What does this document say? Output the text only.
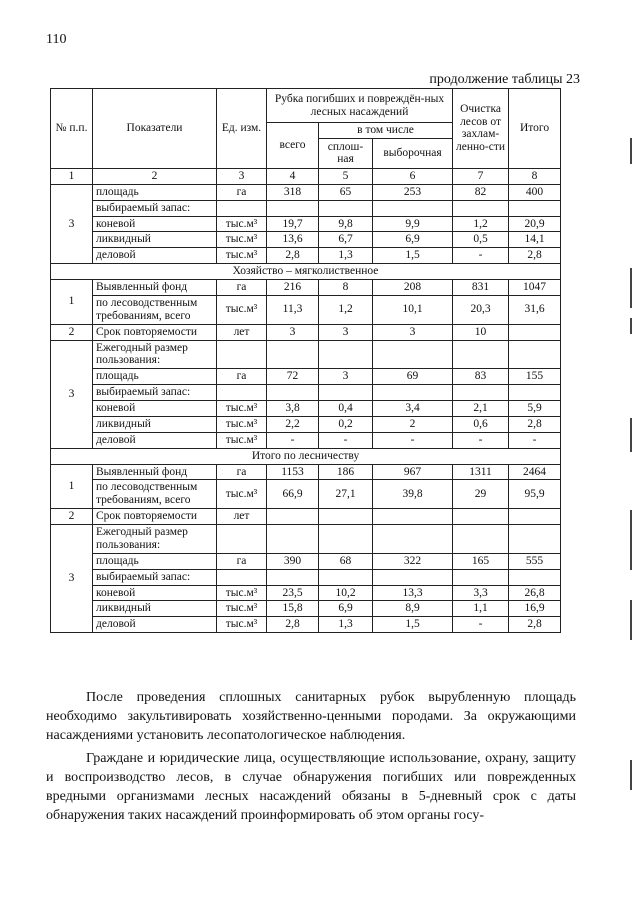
110
продолжение таблицы 23
№ п.п.	Показатели	Ед. изм.	Рубка погибших и повреждён-ных лесных насаждений			Очистка лесов от захлам-ленно-сти	Итого
			всего	в том числе			
				сплош-ная	выборочная		
1	2	3	4	5	6	7	8
3	площадь	га	318	65	253	82	400
	выбираемый запас:						
	коневой	тыс.м³	19,7	9,8	9,9	1,2	20,9
	ликвидный	тыс.м³	13,6	6,7	6,9	0,5	14,1
	деловой	тыс.м³	2,8	1,3	1,5	-	2,8
Хозяйство – мягколиственное							
1	Выявленный фонд	га	216	8	208	831	1047
	по лесоводственным требованиям, всего	тыс.м³	11,3	1,2	10,1	20,3	31,6
2	Срок повторяемости	лет	3	3	3	10	
3	Ежегодный размер пользования:						
	площадь	га	72	3	69	83	155
	выбираемый запас:						
	коневой	тыс.м³	3,8	0,4	3,4	2,1	5,9
	ликвидный	тыс.м³	2,2	0,2	2	0,6	2,8
	деловой	тыс.м³	-	-	-	-	-
Итого по лесничеству							
1	Выявленный фонд	га	1153	186	967	1311	2464
	по лесоводственным требованиям, всего	тыс.м³	66,9	27,1	39,8	29	95,9
2	Срок повторяемости	лет					
3	Ежегодный размер пользования:						
	площадь	га	390	68	322	165	555
	выбираемый запас:						
	коневой	тыс.м³	23,5	10,2	13,3	3,3	26,8
	ликвидный	тыс.м³	15,8	6,9	8,9	1,1	16,9
	деловой	тыс.м³	2,8	1,3	1,5	-	2,8

После проведения сплошных санитарных рубок вырубленную площадь необходимо закультивировать хозяйственно-ценными породами. За окружающими насаждениями установить лесопатологическое наблюдения.

Граждане и юридические лица, осуществляющие использование, охрану, защиту и воспроизводство лесов, в случае обнаружения погибших или поврежденных вредными организмами лесных насаждений обязаны в 5-дневный срок с даты обнаружения таких насаждений проинформировать об этом органы госу-
